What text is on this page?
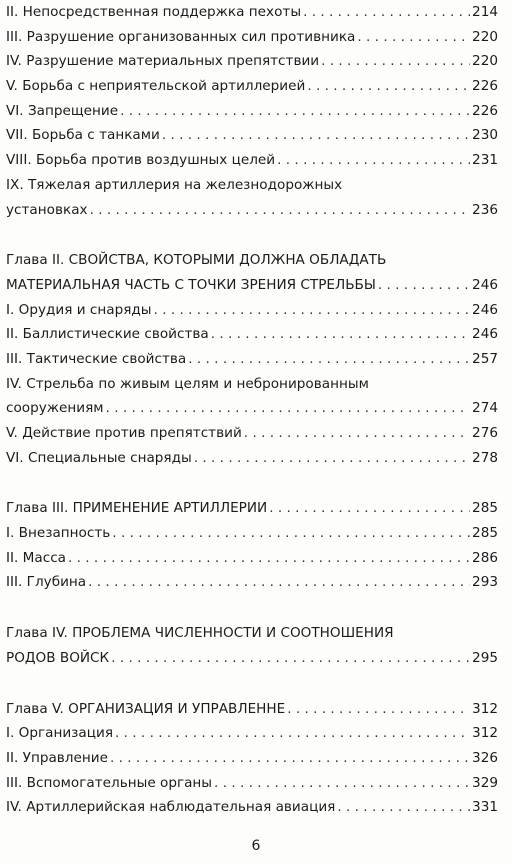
II. Непосредственная поддержка пехоты . . .	214
III. Разрушение организованных сил противника . . .	220
IV. Разрушение материальных препятствии . . .	220
V. Борьба с неприятельской артиллерией . . .	226
VI. Запрещение . . .	226
VII. Борьба с танками . . .	230
VIII. Борьба против воздушных целей . . .	231
IX. Тяжелая артиллерия на железнодорожных
установках . . .	236
Глава II. СВОЙСТВА, КОТОРЫМИ ДОЛЖНА ОБЛАДАТЬ
МАТЕРИАЛЬНАЯ ЧАСТЬ С ТОЧКИ ЗРЕНИЯ СТРЕЛЬБЫ . . .	246
I. Орудия и снаряды . . .	246
II. Баллистические свойства . . .	246
III. Тактические свойства . . .	257
IV. Стрельба по живым целям и небронированным
сооружениям . . .	274
V. Действие против препятствий . . .	276
VI. Специальные снаряды . . .	278
Глава III. ПРИМЕНЕНИЕ АРТИЛЛЕРИИ . . .	285
I. Внезапность . . .	285
II. Масса . . .	286
III. Глубина . . .	293
Глава IV. ПРОБЛЕМА ЧИСЛЕННОСТИ И СООТНОШЕНИЯ
РОДОВ ВОЙСК . . .	295
Глава V. ОРГАНИЗАЦИЯ И УПРАВЛЕННЕ . . .	312
I. Организация . . .	312
II. Управление . . .	326
III. Вспомогательные органы . . .	329
IV. Артиллерийская наблюдательная авиация . . .	331
6
